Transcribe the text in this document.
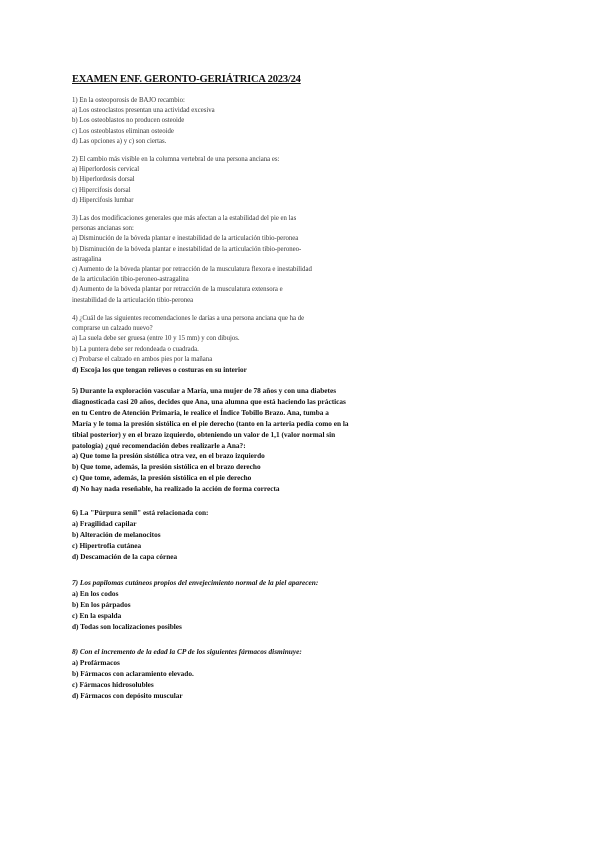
EXAMEN ENF. GERONTO-GERIÁTRICA 2023/24
1) En la osteoporosis de BAJO recambio:
a) Los osteoclastos presentan una actividad excesiva
b) Los osteoblastos no producen osteoide
c) Los osteoblastos eliminan osteoide
d) Las opciones a) y c) son ciertas.
2) El cambio más visible en la columna vertebral de una persona anciana es:
a) Hiperlordosis cervical
b) Hiperlordosis dorsal
c) Hipercifosis dorsal
d) Hipercifosis lumbar
3) Las dos modificaciones generales que más afectan a la estabilidad del pie en las
personas ancianas son:
a) Disminución de la bóveda plantar e inestabilidad de la articulación tibio-peronea
b) Disminución de la bóveda plantar e inestabilidad de la articulación tibio-peroneo-
astragalina
c) Aumento de la bóveda plantar por retracción de la musculatura flexora e inestabilidad
de la articulación tibio-peroneo-astragalina
d) Aumento de la bóveda plantar por retracción de la musculatura extensora e
inestabilidad de la articulación tibio-peronea
4) ¿Cuál de las siguientes recomendaciones le darías a una persona anciana que ha de
comprarse un calzado nuevo?
a) La suela debe ser gruesa (entre 10 y 15 mm) y con dibujos.
b) La puntera debe ser redondeada o cuadrada.
c) Probarse el calzado en ambos pies por la mañana
d) Escoja los que tengan relieves o costuras en su interior
5) Durante la exploración vascular a María, una mujer de 78 años y con una diabetes
diagnosticada casi 20 años, decides que Ana, una alumna que está haciendo las prácticas
en tu Centro de Atención Primaria, le realice el Índice Tobillo Brazo. Ana, tumba a
María y le toma la presión sistólica en el pie derecho (tanto en la arteria pedia como en la
tibial posterior) y en el brazo izquierdo, obteniendo un valor de 1,1 (valor normal sin
patología) ¿qué recomendación debes realizarle a Ana?:
a) Que tome la presión sistólica otra vez, en el brazo izquierdo
b) Que tome, además, la presión sistólica en el brazo derecho
c) Que tome, además, la presión sistólica en el pie derecho
d) No hay nada reseñable, ha realizado la acción de forma correcta
6) La "Púrpura senil" está relacionada con:
a) Fragilidad capilar
b) Alteración de melanocitos
c) Hipertrofia cutánea
d) Descamación de la capa córnea
7) Los papilomas cutáneos propios del envejecimiento normal de la piel aparecen:
a) En los codos
b) En los párpados
c) En la espalda
d) Todas son localizaciones posibles
8) Con el incremento de la edad la CP de los siguientes fármacos disminuye:
a) Profármacos
b) Fármacos con aclaramiento elevado.
c) Fármacos hidrosolubles
d) Fármacos con depósito muscular
